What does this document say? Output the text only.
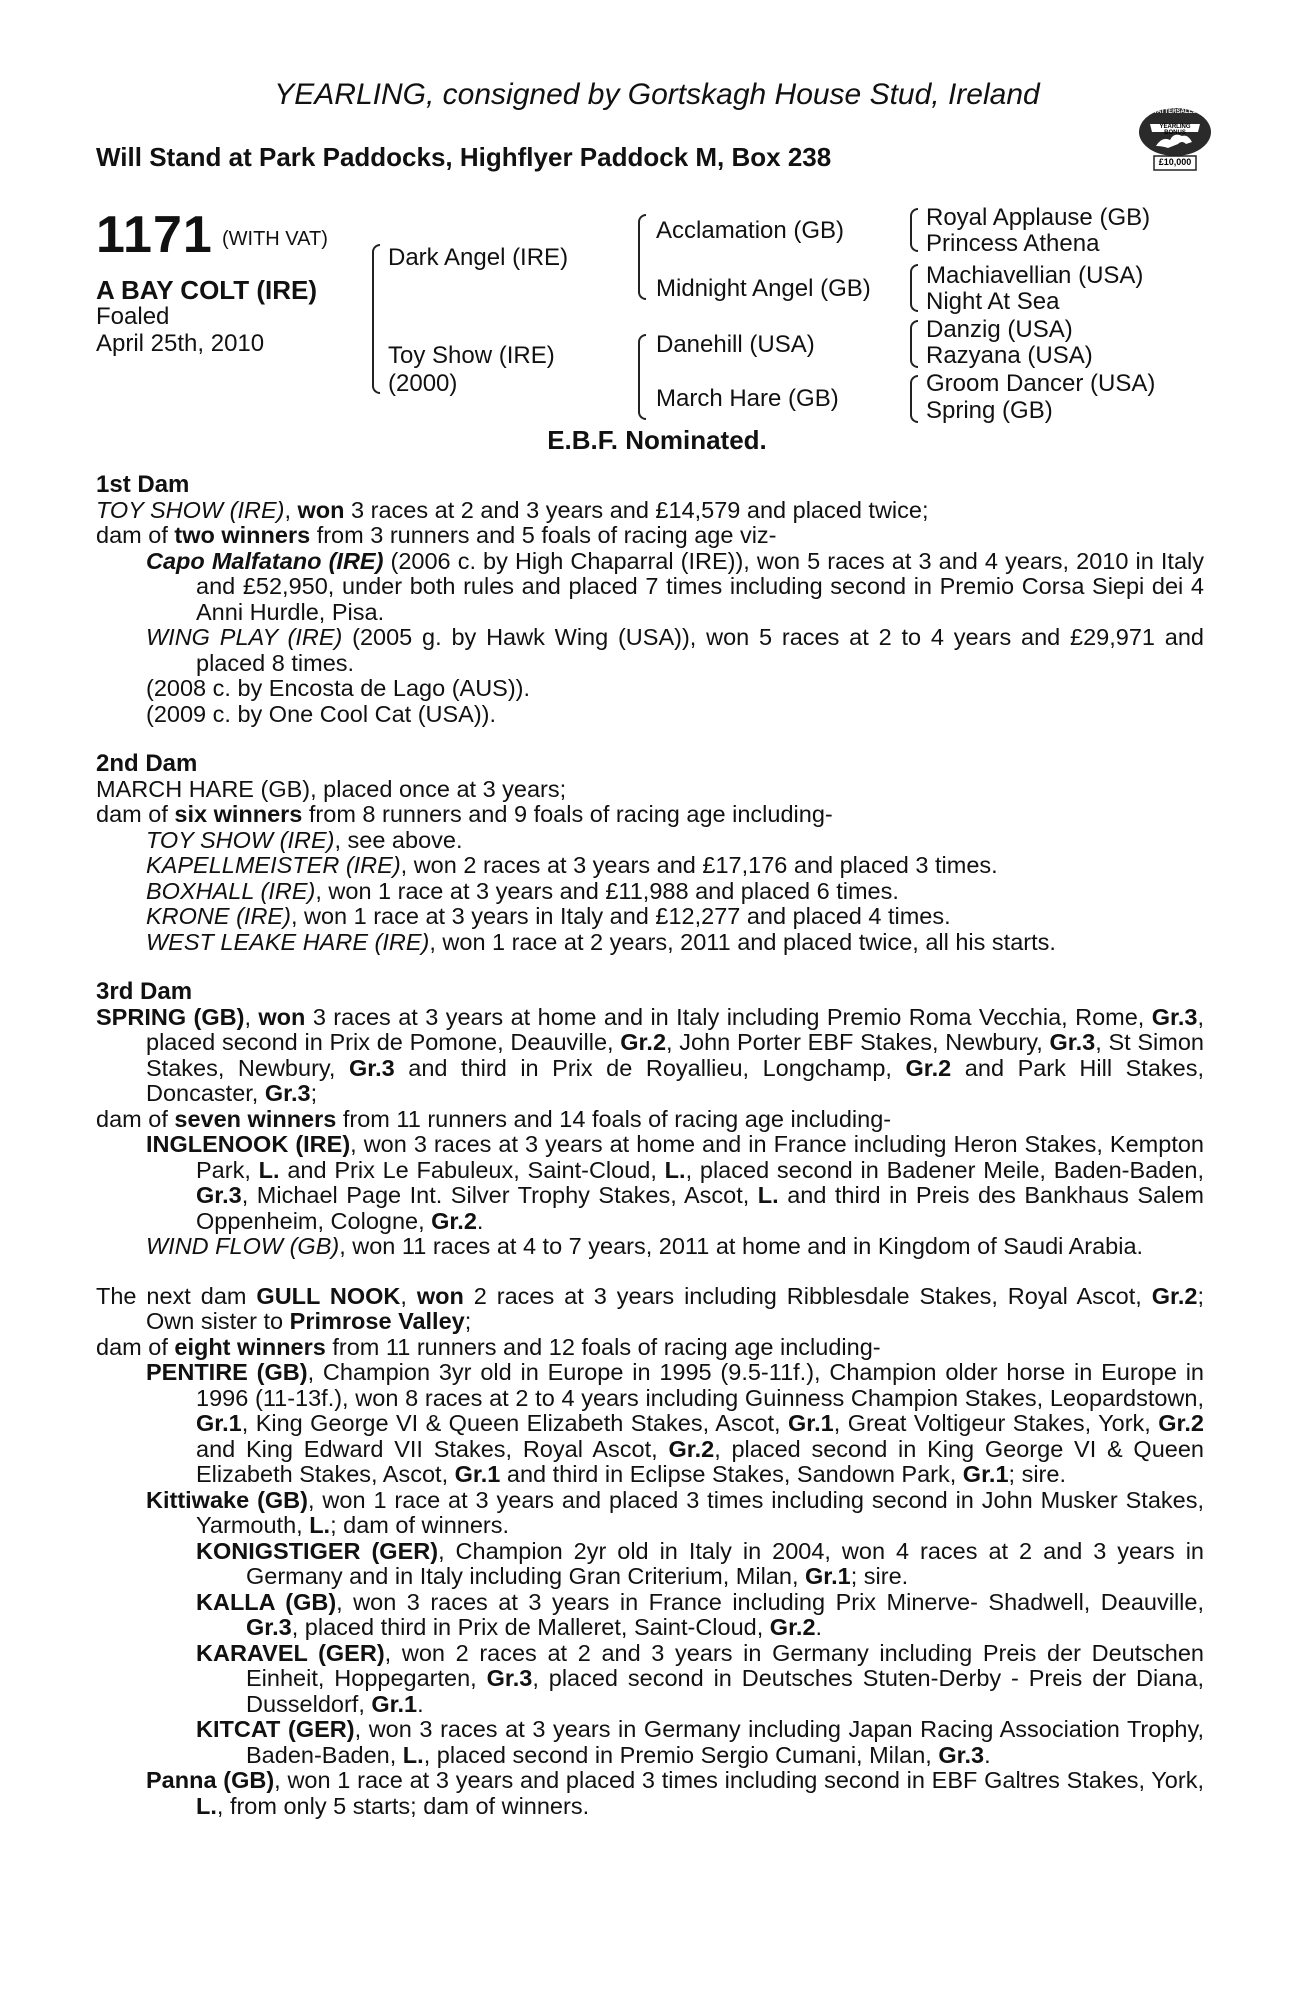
YEARLING, consigned by Gortskagh House Stud, Ireland
Will Stand at Park Paddocks, Highflyer Paddock M, Box 238
TATTERSALLS
YEARLING BONUS
£10,000
1171 (WITH VAT)
A BAY COLT (IRE)
Foaled
April 25th, 2010
Dark Angel (IRE)
Toy Show (IRE)
(2000)
Acclamation (GB)
Midnight Angel (GB)
Danehill (USA)
March Hare (GB)
Royal Applause (GB)
Princess Athena
Machiavellian (USA)
Night At Sea
Danzig (USA)
Razyana (USA)
Groom Dancer (USA)
Spring (GB)
E.B.F. Nominated.

1st Dam

TOY SHOW (IRE), won 3 races at 2 and 3 years and £14,579 and placed twice;

dam of two winners from 3 runners and 5 foals of racing age viz-

Capo Malfatano (IRE) (2006 c. by High Chaparral (IRE)), won 5 races at 3 and 4 years, 2010 in Italy and £52,950, under both rules and placed 7 times including second in Premio Corsa Siepi dei 4 Anni Hurdle, Pisa.

WING PLAY (IRE) (2005 g. by Hawk Wing (USA)), won 5 races at 2 to 4 years and £29,971 and placed 8 times.

(2008 c. by Encosta de Lago (AUS)).

(2009 c. by One Cool Cat (USA)).

2nd Dam

MARCH HARE (GB), placed once at 3 years;

dam of six winners from 8 runners and 9 foals of racing age including-

TOY SHOW (IRE), see above.

KAPELLMEISTER (IRE), won 2 races at 3 years and £17,176 and placed 3 times.

BOXHALL (IRE), won 1 race at 3 years and £11,988 and placed 6 times.

KRONE (IRE), won 1 race at 3 years in Italy and £12,277 and placed 4 times.

WEST LEAKE HARE (IRE), won 1 race at 2 years, 2011 and placed twice, all his starts.

3rd Dam

SPRING (GB), won 3 races at 3 years at home and in Italy including Premio Roma Vecchia, Rome, Gr.3, placed second in Prix de Pomone, Deauville, Gr.2, John Porter EBF Stakes, Newbury, Gr.3, St Simon Stakes, Newbury, Gr.3 and third in Prix de Royallieu, Longchamp, Gr.2 and Park Hill Stakes, Doncaster, Gr.3;

dam of seven winners from 11 runners and 14 foals of racing age including-

INGLENOOK (IRE), won 3 races at 3 years at home and in France including Heron Stakes, Kempton Park, L. and Prix Le Fabuleux, Saint-Cloud, L., placed second in Badener Meile, Baden-Baden, Gr.3, Michael Page Int. Silver Trophy Stakes, Ascot, L. and third in Preis des Bankhaus Salem Oppenheim, Cologne, Gr.2.

WIND FLOW (GB), won 11 races at 4 to 7 years, 2011 at home and in Kingdom of Saudi Arabia.

The next dam GULL NOOK, won 2 races at 3 years including Ribblesdale Stakes, Royal Ascot, Gr.2; Own sister to Primrose Valley;

dam of eight winners from 11 runners and 12 foals of racing age including-

PENTIRE (GB), Champion 3yr old in Europe in 1995 (9.5-11f.), Champion older horse in Europe in 1996 (11-13f.), won 8 races at 2 to 4 years including Guinness Champion Stakes, Leopardstown, Gr.1, King George VI & Queen Elizabeth Stakes, Ascot, Gr.1, Great Voltigeur Stakes, York, Gr.2 and King Edward VII Stakes, Royal Ascot, Gr.2, placed second in King George VI & Queen Elizabeth Stakes, Ascot, Gr.1 and third in Eclipse Stakes, Sandown Park, Gr.1; sire.

Kittiwake (GB), won 1 race at 3 years and placed 3 times including second in John Musker Stakes, Yarmouth, L.; dam of winners.

KONIGSTIGER (GER), Champion 2yr old in Italy in 2004, won 4 races at 2 and 3 years in Germany and in Italy including Gran Criterium, Milan, Gr.1; sire.

KALLA (GB), won 3 races at 3 years in France including Prix Minerve- Shadwell, Deauville, Gr.3, placed third in Prix de Malleret, Saint-Cloud, Gr.2.

KARAVEL (GER), won 2 races at 2 and 3 years in Germany including Preis der Deutschen Einheit, Hoppegarten, Gr.3, placed second in Deutsches Stuten-Derby - Preis der Diana, Dusseldorf, Gr.1.

KITCAT (GER), won 3 races at 3 years in Germany including Japan Racing Association Trophy, Baden-Baden, L., placed second in Premio Sergio Cumani, Milan, Gr.3.

Panna (GB), won 1 race at 3 years and placed 3 times including second in EBF Galtres Stakes, York, L., from only 5 starts; dam of winners.
